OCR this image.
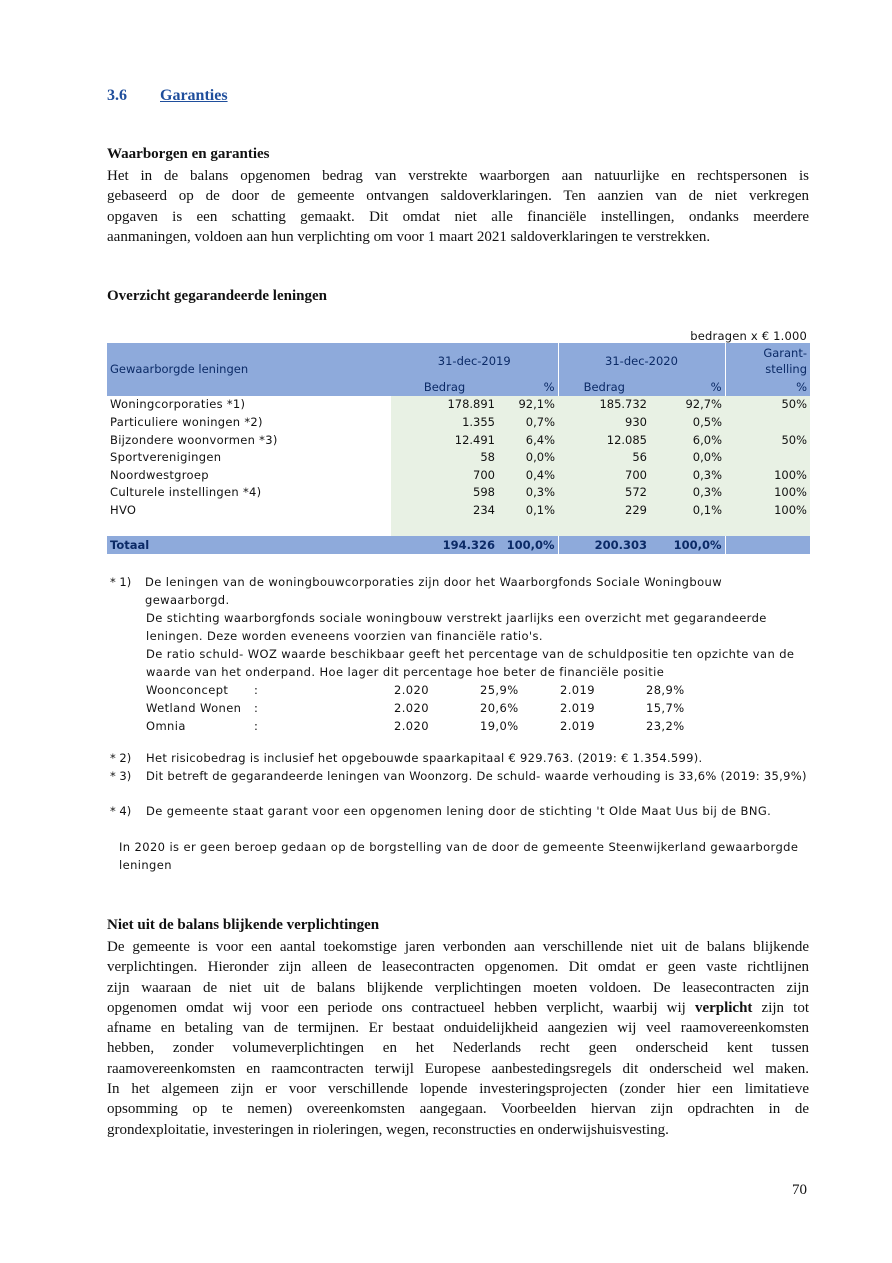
3.6 Garanties
Waarborgen en garanties
Het in de balans opgenomen bedrag van verstrekte waarborgen aan natuurlijke en rechtspersonen is
gebaseerd op de door de gemeente ontvangen saldoverklaringen. Ten aanzien van de niet verkregen
opgaven is een schatting gemaakt. Dit omdat niet alle financiële instellingen, ondanks meerdere
aanmaningen, voldoen aan hun verplichting om voor 1 maart 2021 saldoverklaringen te verstrekken.
Overzicht gegarandeerde leningen
bedragen x € 1.000
Gewaarborgde leningen	31-dec-2019		31-dec-2020		Garant-
stelling
	Bedrag	%	Bedrag	%	%
Woningcorporaties *1)	178.891	92,1%	185.732	92,7%	50%
Particuliere woningen *2)	1.355	0,7%	930	0,5%	
Bijzondere woonvormen *3)	12.491	6,4%	12.085	6,0%	50%
Sportverenigingen	58	0,0%	56	0,0%	
Noordwestgroep	700	0,4%	700	0,3%	100%
Culturele instellingen *4)	598	0,3%	572	0,3%	100%
HVO	234	0,1%	229	0,1%	100%

Totaal	194.326	100,0%	200.303	100,0%	
* 1) De leningen van de woningbouwcorporaties zijn door het Waarborgfonds Sociale Woningbouw
gewaarborgd.
De stichting waarborgfonds sociale woningbouw verstrekt jaarlijks een overzicht met gegarandeerde
leningen. Deze worden eveneens voorzien van financiële ratio's.
De ratio schuld- WOZ waarde beschikbaar geeft het percentage van de schuldpositie ten opzichte van de
waarde van het onderpand. Hoe lager dit percentage hoe beter de financiële positie
Woonconcept :	2.020	25,9%	2.019	28,9%
Wetland Wonen :	2.020	20,6%	2.019	15,7%
Omnia	:	2.020	19,0%	2.019	23,2%
* 2) Het risicobedrag is inclusief het opgebouwde spaarkapitaal € 929.763. (2019: € 1.354.599).
* 3) Dit betreft de gegarandeerde leningen van Woonzorg. De schuld- waarde verhouding is 33,6% (2019: 35,9%)
* 4) De gemeente staat garant voor een opgenomen lening door de stichting 't Olde Maat Uus bij de BNG.
In 2020 is er geen beroep gedaan op de borgstelling van de door de gemeente Steenwijkerland gewaarborgde
leningen
Niet uit de balans blijkende verplichtingen
De gemeente is voor een aantal toekomstige jaren verbonden aan verschillende niet uit de balans blijkende
verplichtingen. Hieronder zijn alleen de leasecontracten opgenomen. Dit omdat er geen vaste richtlijnen
zijn waaraan de niet uit de balans blijkende verplichtingen moeten voldoen. De leasecontracten zijn
opgenomen omdat wij voor een periode ons contractueel hebben verplicht, waarbij wij verplicht zijn tot
afname en betaling van de termijnen. Er bestaat onduidelijkheid aangezien wij veel raamovereenkomsten
hebben, zonder volumeverplichtingen en het Nederlands recht geen onderscheid kent tussen
raamovereenkomsten en raamcontracten terwijl Europese aanbestedingsregels dit onderscheid wel maken.
In het algemeen zijn er voor verschillende lopende investeringsprojecten (zonder hier een limitatieve
opsomming op te nemen) overeenkomsten aangegaan. Voorbeelden hiervan zijn opdrachten in de
grondexploitatie, investeringen in rioleringen, wegen, reconstructies en onderwijshuisvesting.
70
